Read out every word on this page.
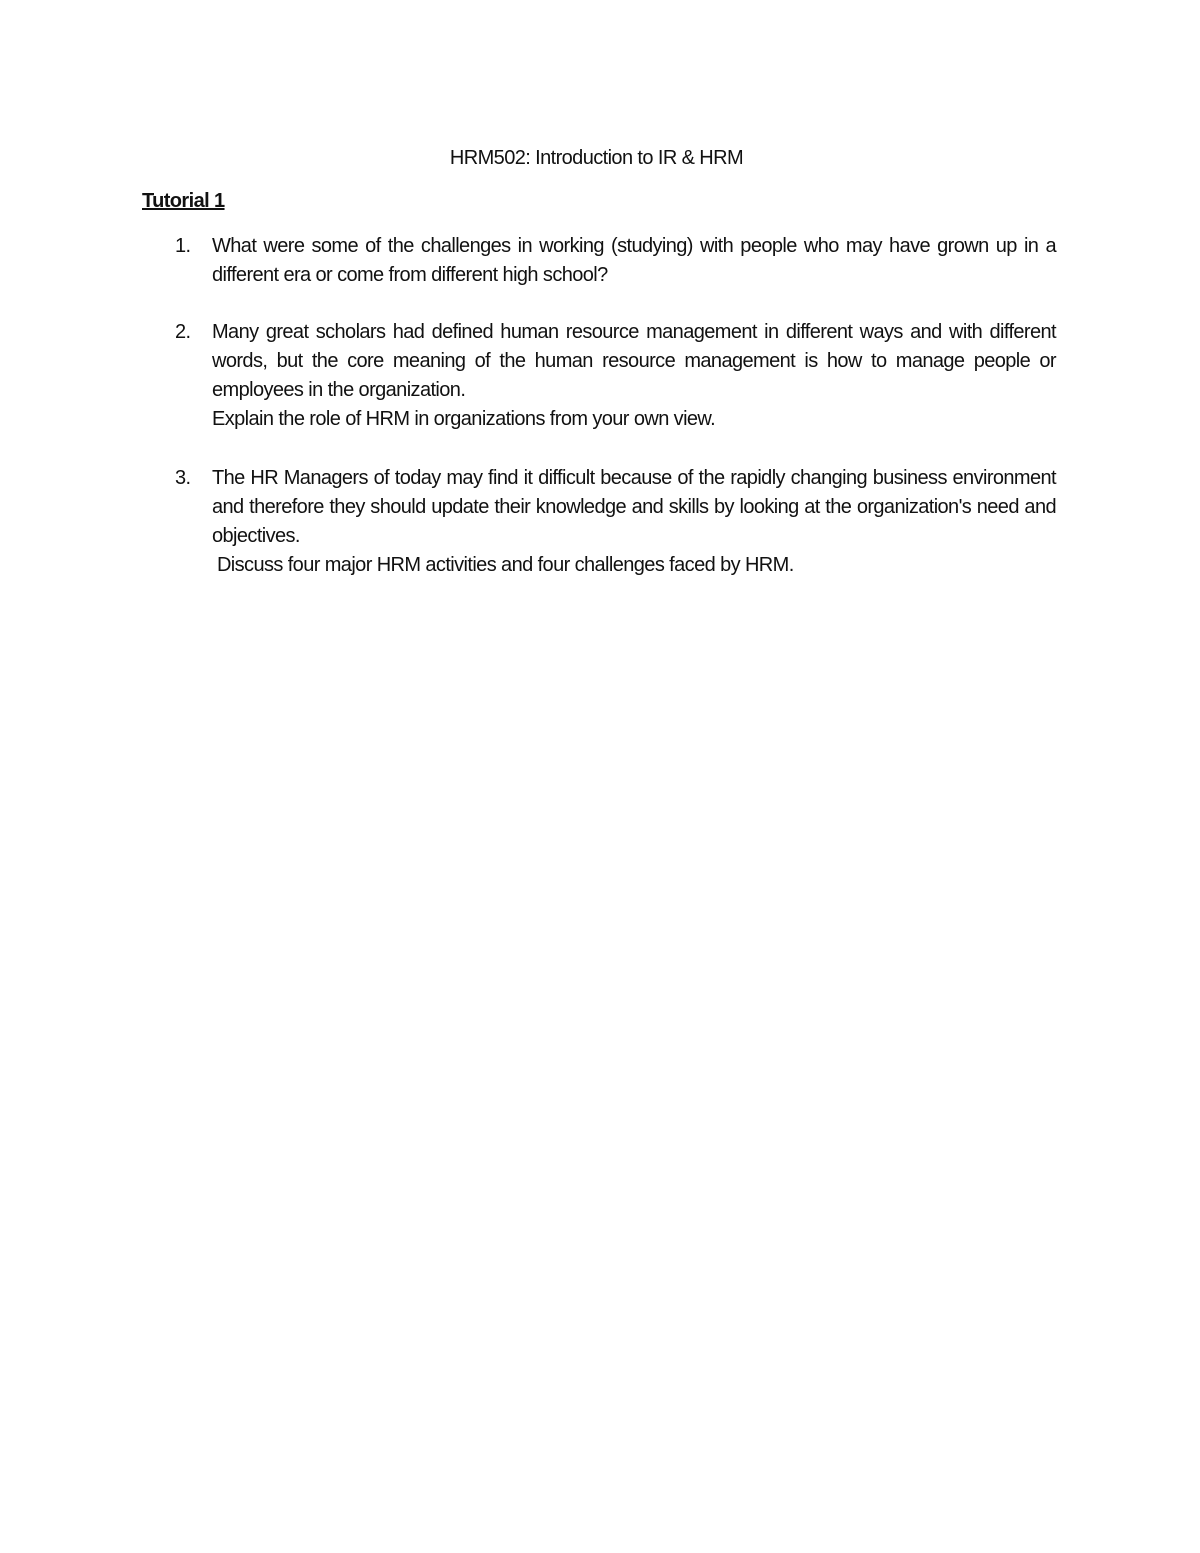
HRM502: Introduction to IR & HRM
Tutorial 1
1.	What were some of the challenges in working (studying) with people who may have grown up in a different era or come from different high school?
2.	Many great scholars had defined human resource management in different ways and with different words, but the core meaning of the human resource management is how to manage people or employees in the organization.
Explain the role of HRM in organizations from your own view.
3.	The HR Managers of today may find it difficult because of the rapidly changing business environment and therefore they should update their knowledge and skills by looking at the organization's need and objectives.
Discuss four major HRM activities and four challenges faced by HRM.
